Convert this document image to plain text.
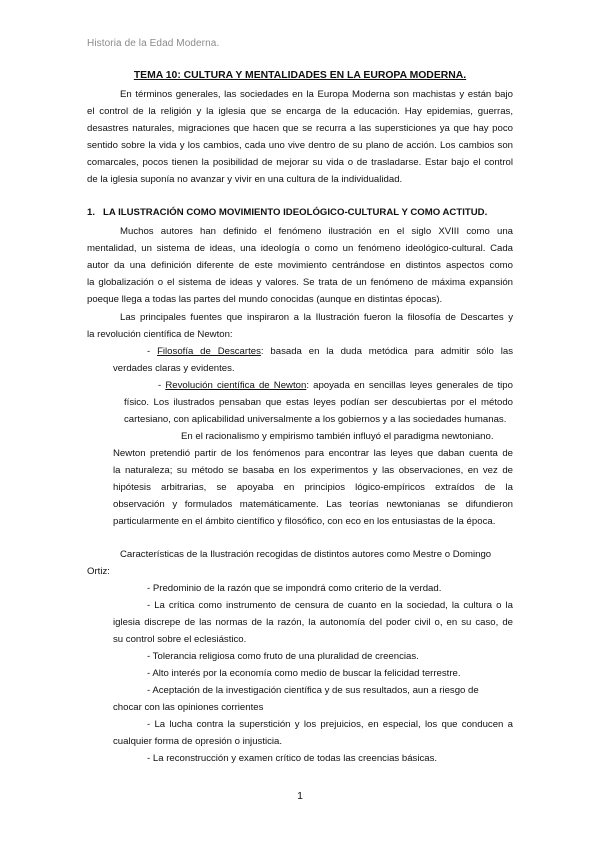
Historia de la Edad Moderna.
TEMA 10: CULTURA Y MENTALIDADES EN LA EUROPA MODERNA.
En términos generales, las sociedades en la Europa Moderna son machistas y están bajo
el control de la religión y la iglesia que se encarga de la educación. Hay epidemias, guerras,
desastres naturales, migraciones que hacen que se recurra a las supersticiones ya que hay poco
sentido sobre la vida y los cambios, cada uno vive dentro de su plano de acción. Los cambios son
comarcales, pocos tienen la posibilidad de mejorar su vida o de trasladarse. Estar bajo el control
de la iglesia suponía no avanzar y vivir en una cultura de la individualidad.
1. LA ILUSTRACIÓN COMO MOVIMIENTO IDEOLÓGICO-CULTURAL Y COMO ACTITUD.
Muchos autores han definido el fenómeno ilustración en el siglo XVIII como una
mentalidad, un sistema de ideas, una ideología o como un fenómeno ideológico-cultural. Cada
autor da una definición diferente de este movimiento centrándose en distintos aspectos como
la globalización o el sistema de ideas y valores. Se trata de un fenómeno de máxima expansión
poeque llega a todas las partes del mundo conocidas (aunque en distintas épocas).
Las principales fuentes que inspiraron a la Ilustración fueron la filosofía de Descartes y
la revolución científica de Newton:
- Filosofía de Descartes: basada en la duda metódica para admitir sólo las
verdades claras y evidentes.
- Revolución científica de Newton: apoyada en sencillas leyes generales de tipo
físico. Los ilustrados pensaban que estas leyes podían ser descubiertas por el método
cartesiano, con aplicabilidad universalmente a los gobiernos y a las sociedades humanas.
En el racionalismo y empirismo también influyó el paradigma newtoniano.
Newton pretendió partir de los fenómenos para encontrar las leyes que daban cuenta de
la naturaleza; su método se basaba en los experimentos y las observaciones, en vez de
hipótesis arbitrarias, se apoyaba en principios lógico-empíricos extraídos de la
observación y formulados matemáticamente. Las teorías newtonianas se difundieron
particularmente en el ámbito científico y filosófico, con eco en los entusiastas de la época.
Características de la Ilustración recogidas de distintos autores como Mestre o Domingo
Ortiz:
- Predominio de la razón que se impondrá como criterio de la verdad.
- La crítica como instrumento de censura de cuanto en la sociedad, la cultura o la
iglesia discrepe de las normas de la razón, la autonomía del poder civil o, en su caso, de
su control sobre el eclesiástico.
- Tolerancia religiosa como fruto de una pluralidad de creencias.
- Alto interés por la economía como medio de buscar la felicidad terrestre.
- Aceptación de la investigación científica y de sus resultados, aun a riesgo de
chocar con las opiniones corrientes
- La lucha contra la superstición y los prejuicios, en especial, los que conducen a
cualquier forma de opresión o injusticia.
- La reconstrucción y examen crítico de todas las creencias básicas.
1
